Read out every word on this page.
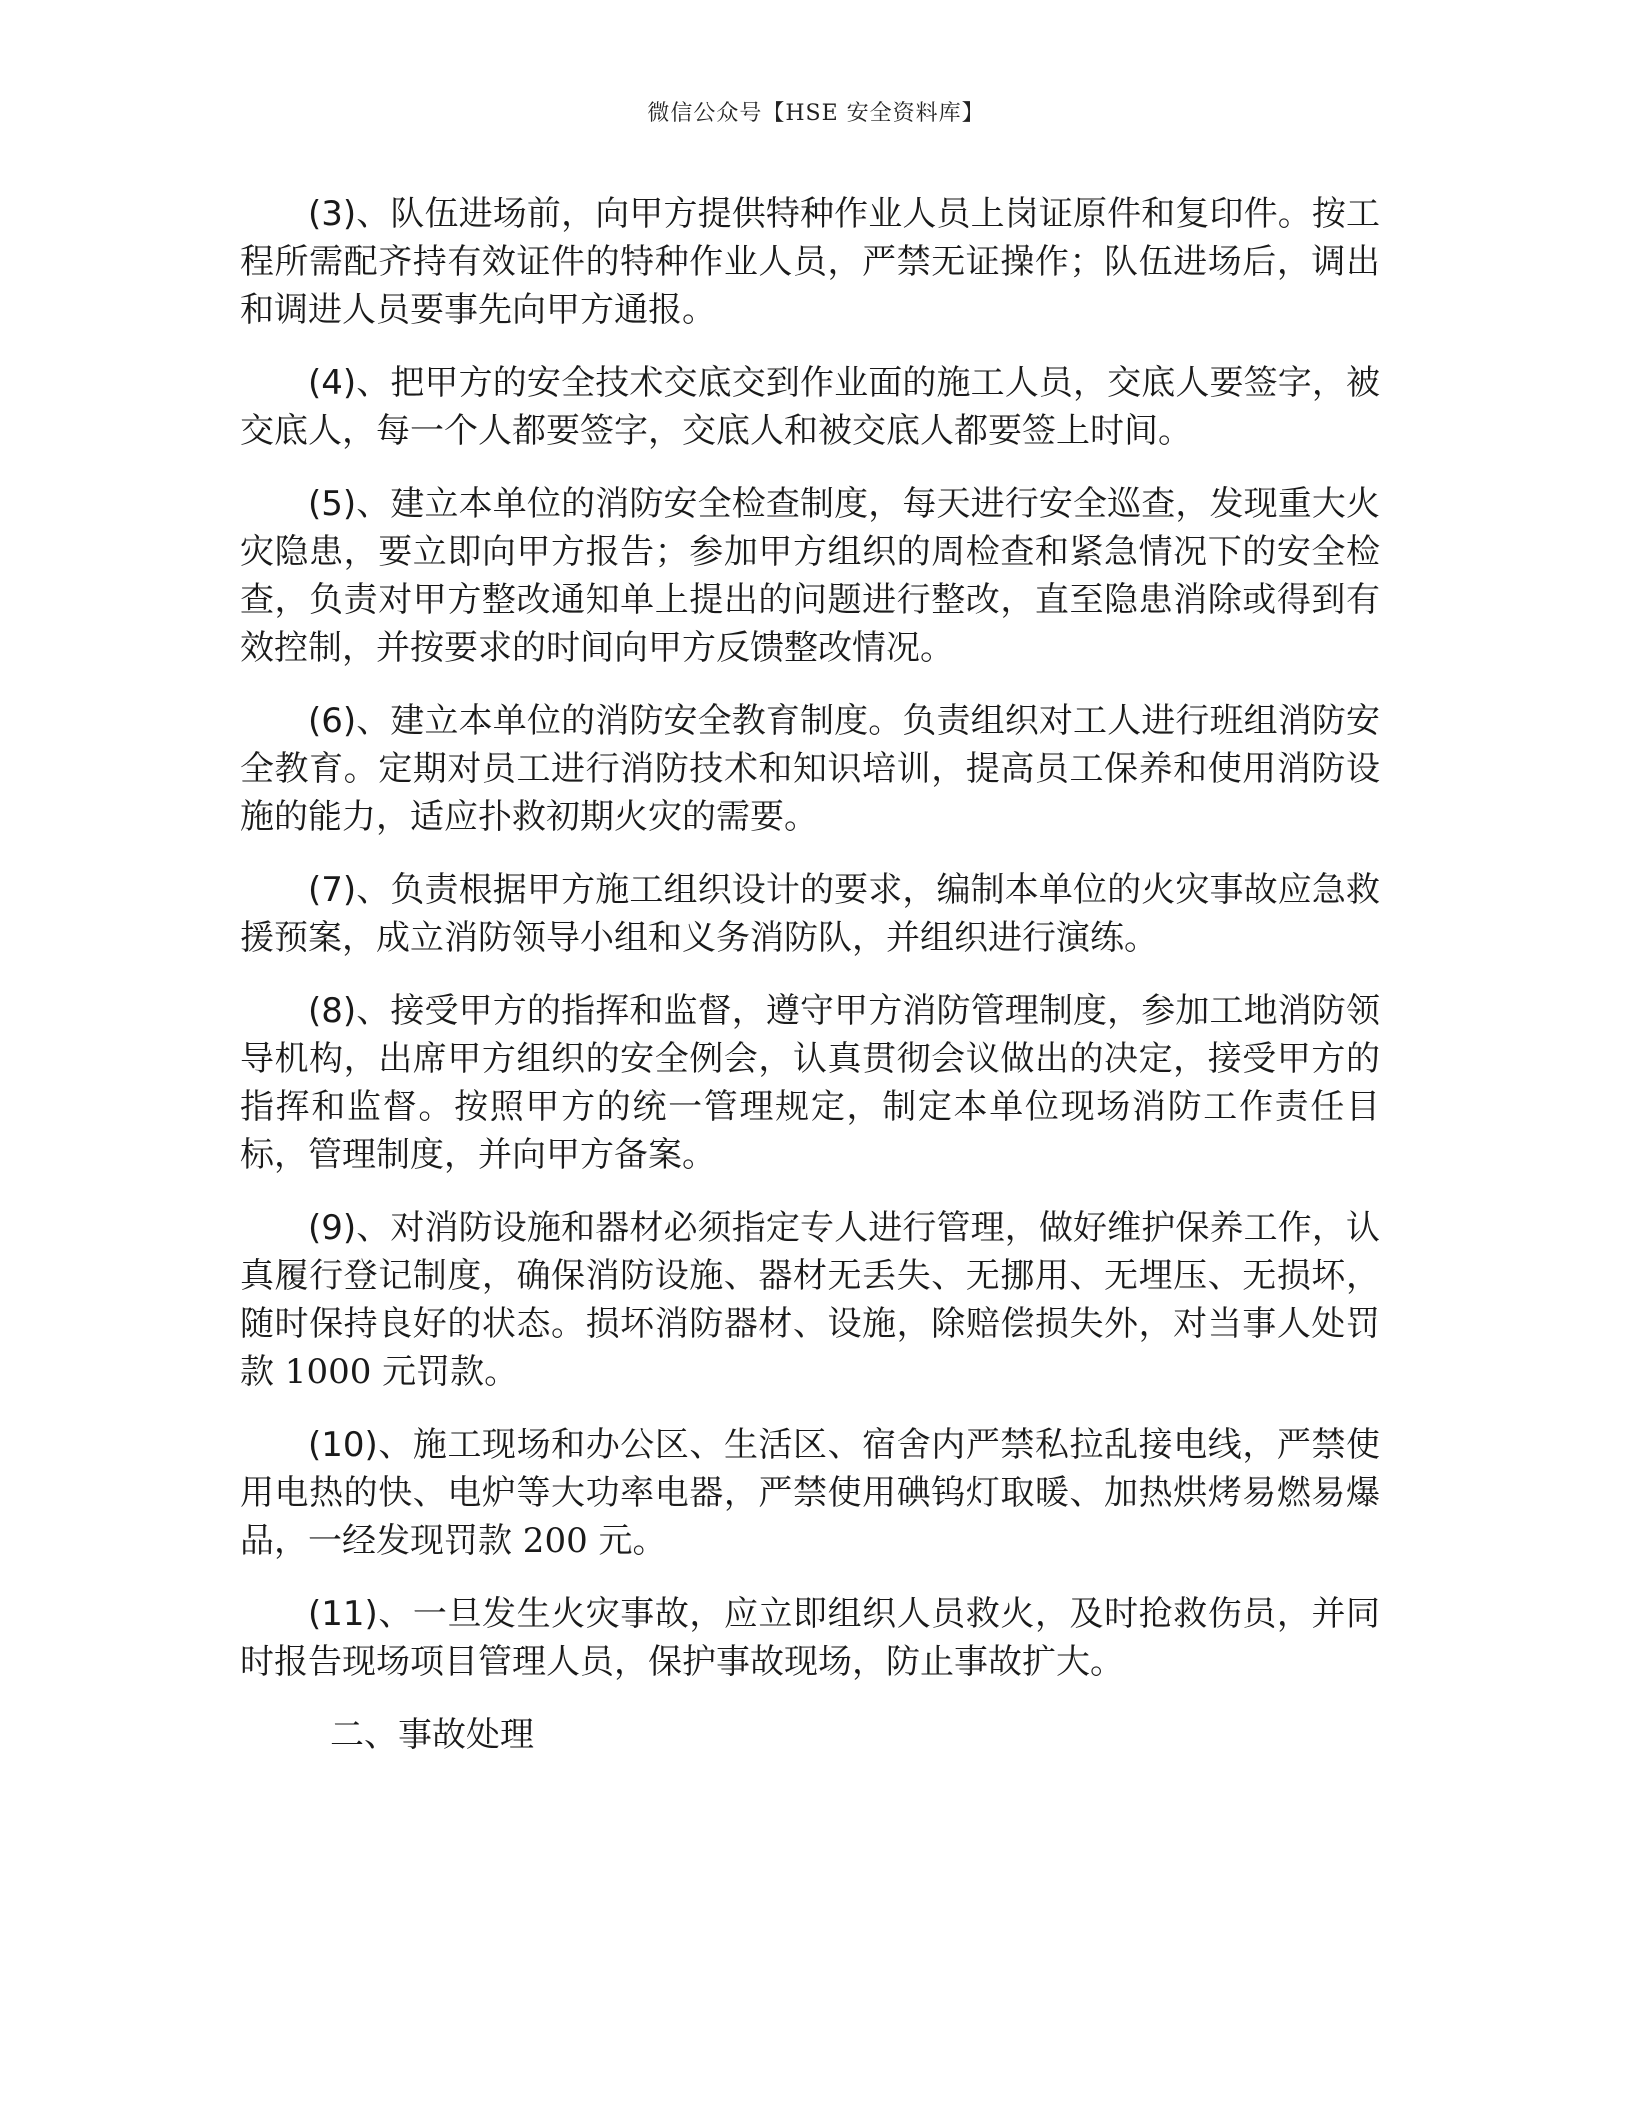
微信公众号【HSE 安全资料库】

(3)、队伍进场前，向甲方提供特种作业人员上岗证原件和复印件。按工程所需配齐持有效证件的特种作业人员，严禁无证操作；队伍进场后，调出和调进人员要事先向甲方通报。

(4)、把甲方的安全技术交底交到作业面的施工人员，交底人要签字，被交底人，每一个人都要签字，交底人和被交底人都要签上时间。

(5)、建立本单位的消防安全检查制度，每天进行安全巡查，发现重大火灾隐患，要立即向甲方报告；参加甲方组织的周检查和紧急情况下的安全检查，负责对甲方整改通知单上提出的问题进行整改，直至隐患消除或得到有效控制，并按要求的时间向甲方反馈整改情况。

(6)、建立本单位的消防安全教育制度。负责组织对工人进行班组消防安全教育。定期对员工进行消防技术和知识培训，提高员工保养和使用消防设施的能力，适应扑救初期火灾的需要。

(7)、负责根据甲方施工组织设计的要求，编制本单位的火灾事故应急救援预案，成立消防领导小组和义务消防队，并组织进行演练。

(8)、接受甲方的指挥和监督，遵守甲方消防管理制度，参加工地消防领导机构，出席甲方组织的安全例会，认真贯彻会议做出的决定，接受甲方的指挥和监督。按照甲方的统一管理规定，制定本单位现场消防工作责任目标，管理制度，并向甲方备案。

(9)、对消防设施和器材必须指定专人进行管理，做好维护保养工作，认真履行登记制度，确保消防设施、器材无丢失、无挪用、无埋压、无损坏，随时保持良好的状态。损坏消防器材、设施，除赔偿损失外，对当事人处罚款 1000 元罚款。

(10)、施工现场和办公区、生活区、宿舍内严禁私拉乱接电线，严禁使用电热的快、电炉等大功率电器，严禁使用碘钨灯取暖、加热烘烤易燃易爆品，一经发现罚款 200 元。

(11)、一旦发生火灾事故，应立即组织人员救火，及时抢救伤员，并同时报告现场项目管理人员，保护事故现场，防止事故扩大。

二、事故处理
